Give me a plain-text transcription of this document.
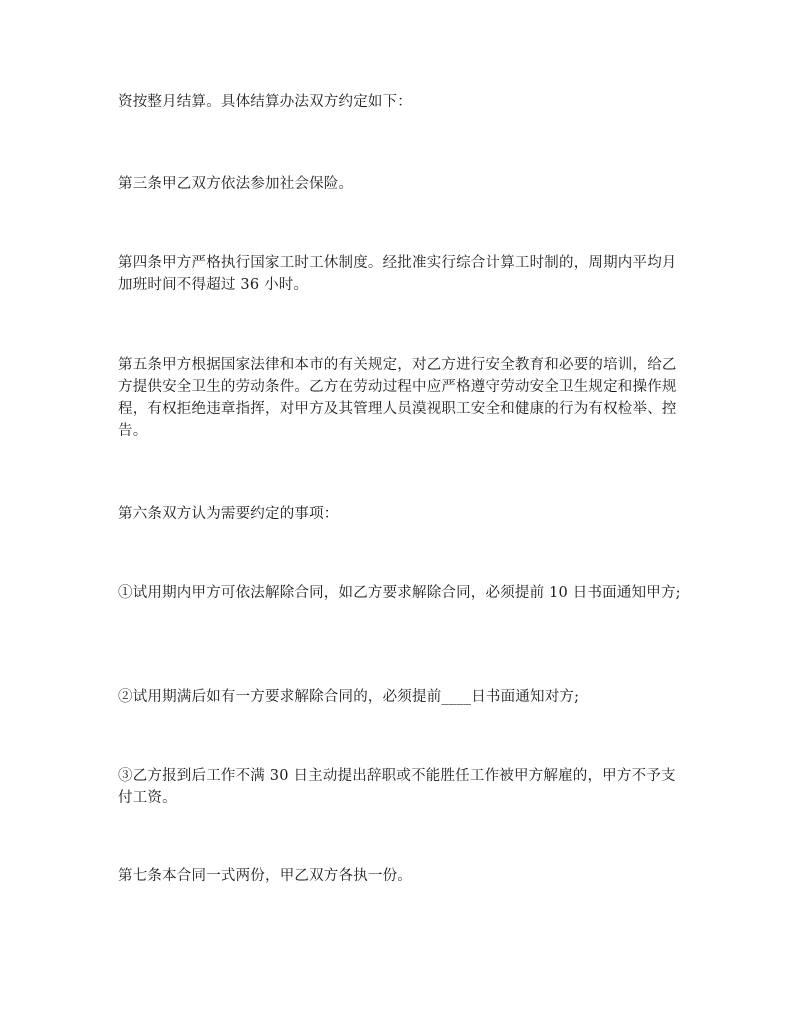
资按整月结算。具体结算办法双方约定如下：

第三条甲乙双方依法参加社会保险。

第四条甲方严格执行国家工时工休制度。经批准实行综合计算工时制的，周期内平均月加班时间不得超过 36 小时。

第五条甲方根据国家法律和本市的有关规定，对乙方进行安全教育和必要的培训，给乙方提供安全卫生的劳动条件。乙方在劳动过程中应严格遵守劳动安全卫生规定和操作规程，有权拒绝违章指挥，对甲方及其管理人员漠视职工安全和健康的行为有权检举、控告。

第六条双方认为需要约定的事项：

①试用期内甲方可依法解除合同，如乙方要求解除合同，必须提前 10 日书面通知甲方;

②试用期满后如有一方要求解除合同的，必须提前____日书面通知对方;

③乙方报到后工作不满 30 日主动提出辞职或不能胜任工作被甲方解雇的，甲方不予支付工资。

第七条本合同一式两份，甲乙双方各执一份。
